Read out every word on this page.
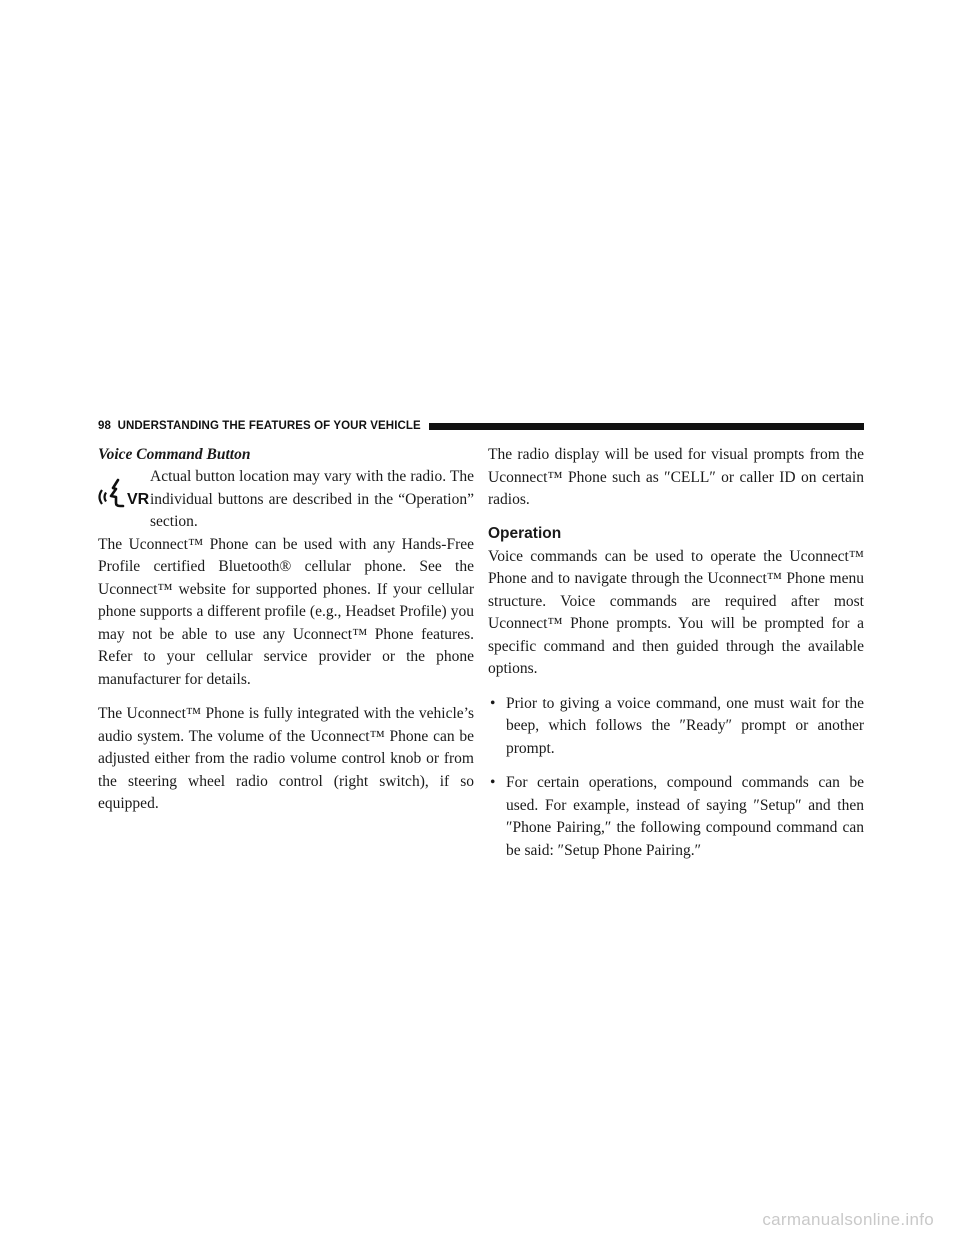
98 UNDERSTANDING THE FEATURES OF YOUR VEHICLE

Voice Command Button

VR

Actual button location may vary with the radio. The individual buttons are described in the “Operation” section.

The Uconnect™ Phone can be used with any Hands-Free Profile certified Bluetooth® cellular phone. See the Uconnect™ website for supported phones. If your cellular phone supports a different profile (e.g., Headset Profile) you may not be able to use any Uconnect™ Phone features. Refer to your cellular service provider or the phone manufacturer for details.

The Uconnect™ Phone is fully integrated with the vehicle’s audio system. The volume of the Uconnect™ Phone can be adjusted either from the radio volume control knob or from the steering wheel radio control (right switch), if so equipped.

The radio display will be used for visual prompts from the Uconnect™ Phone such as ″CELL″ or caller ID on certain radios.

Operation

Voice commands can be used to operate the Uconnect™ Phone and to navigate through the Uconnect™ Phone menu structure. Voice commands are required after most Uconnect™ Phone prompts. You will be prompted for a specific command and then guided through the available options.

• Prior to giving a voice command, one must wait for the beep, which follows the ″Ready″ prompt or another prompt.
• For certain operations, compound commands can be used. For example, instead of saying ″Setup″ and then ″Phone Pairing,″ the following compound command can be said: ″Setup Phone Pairing.″
carmanualsonline.info
